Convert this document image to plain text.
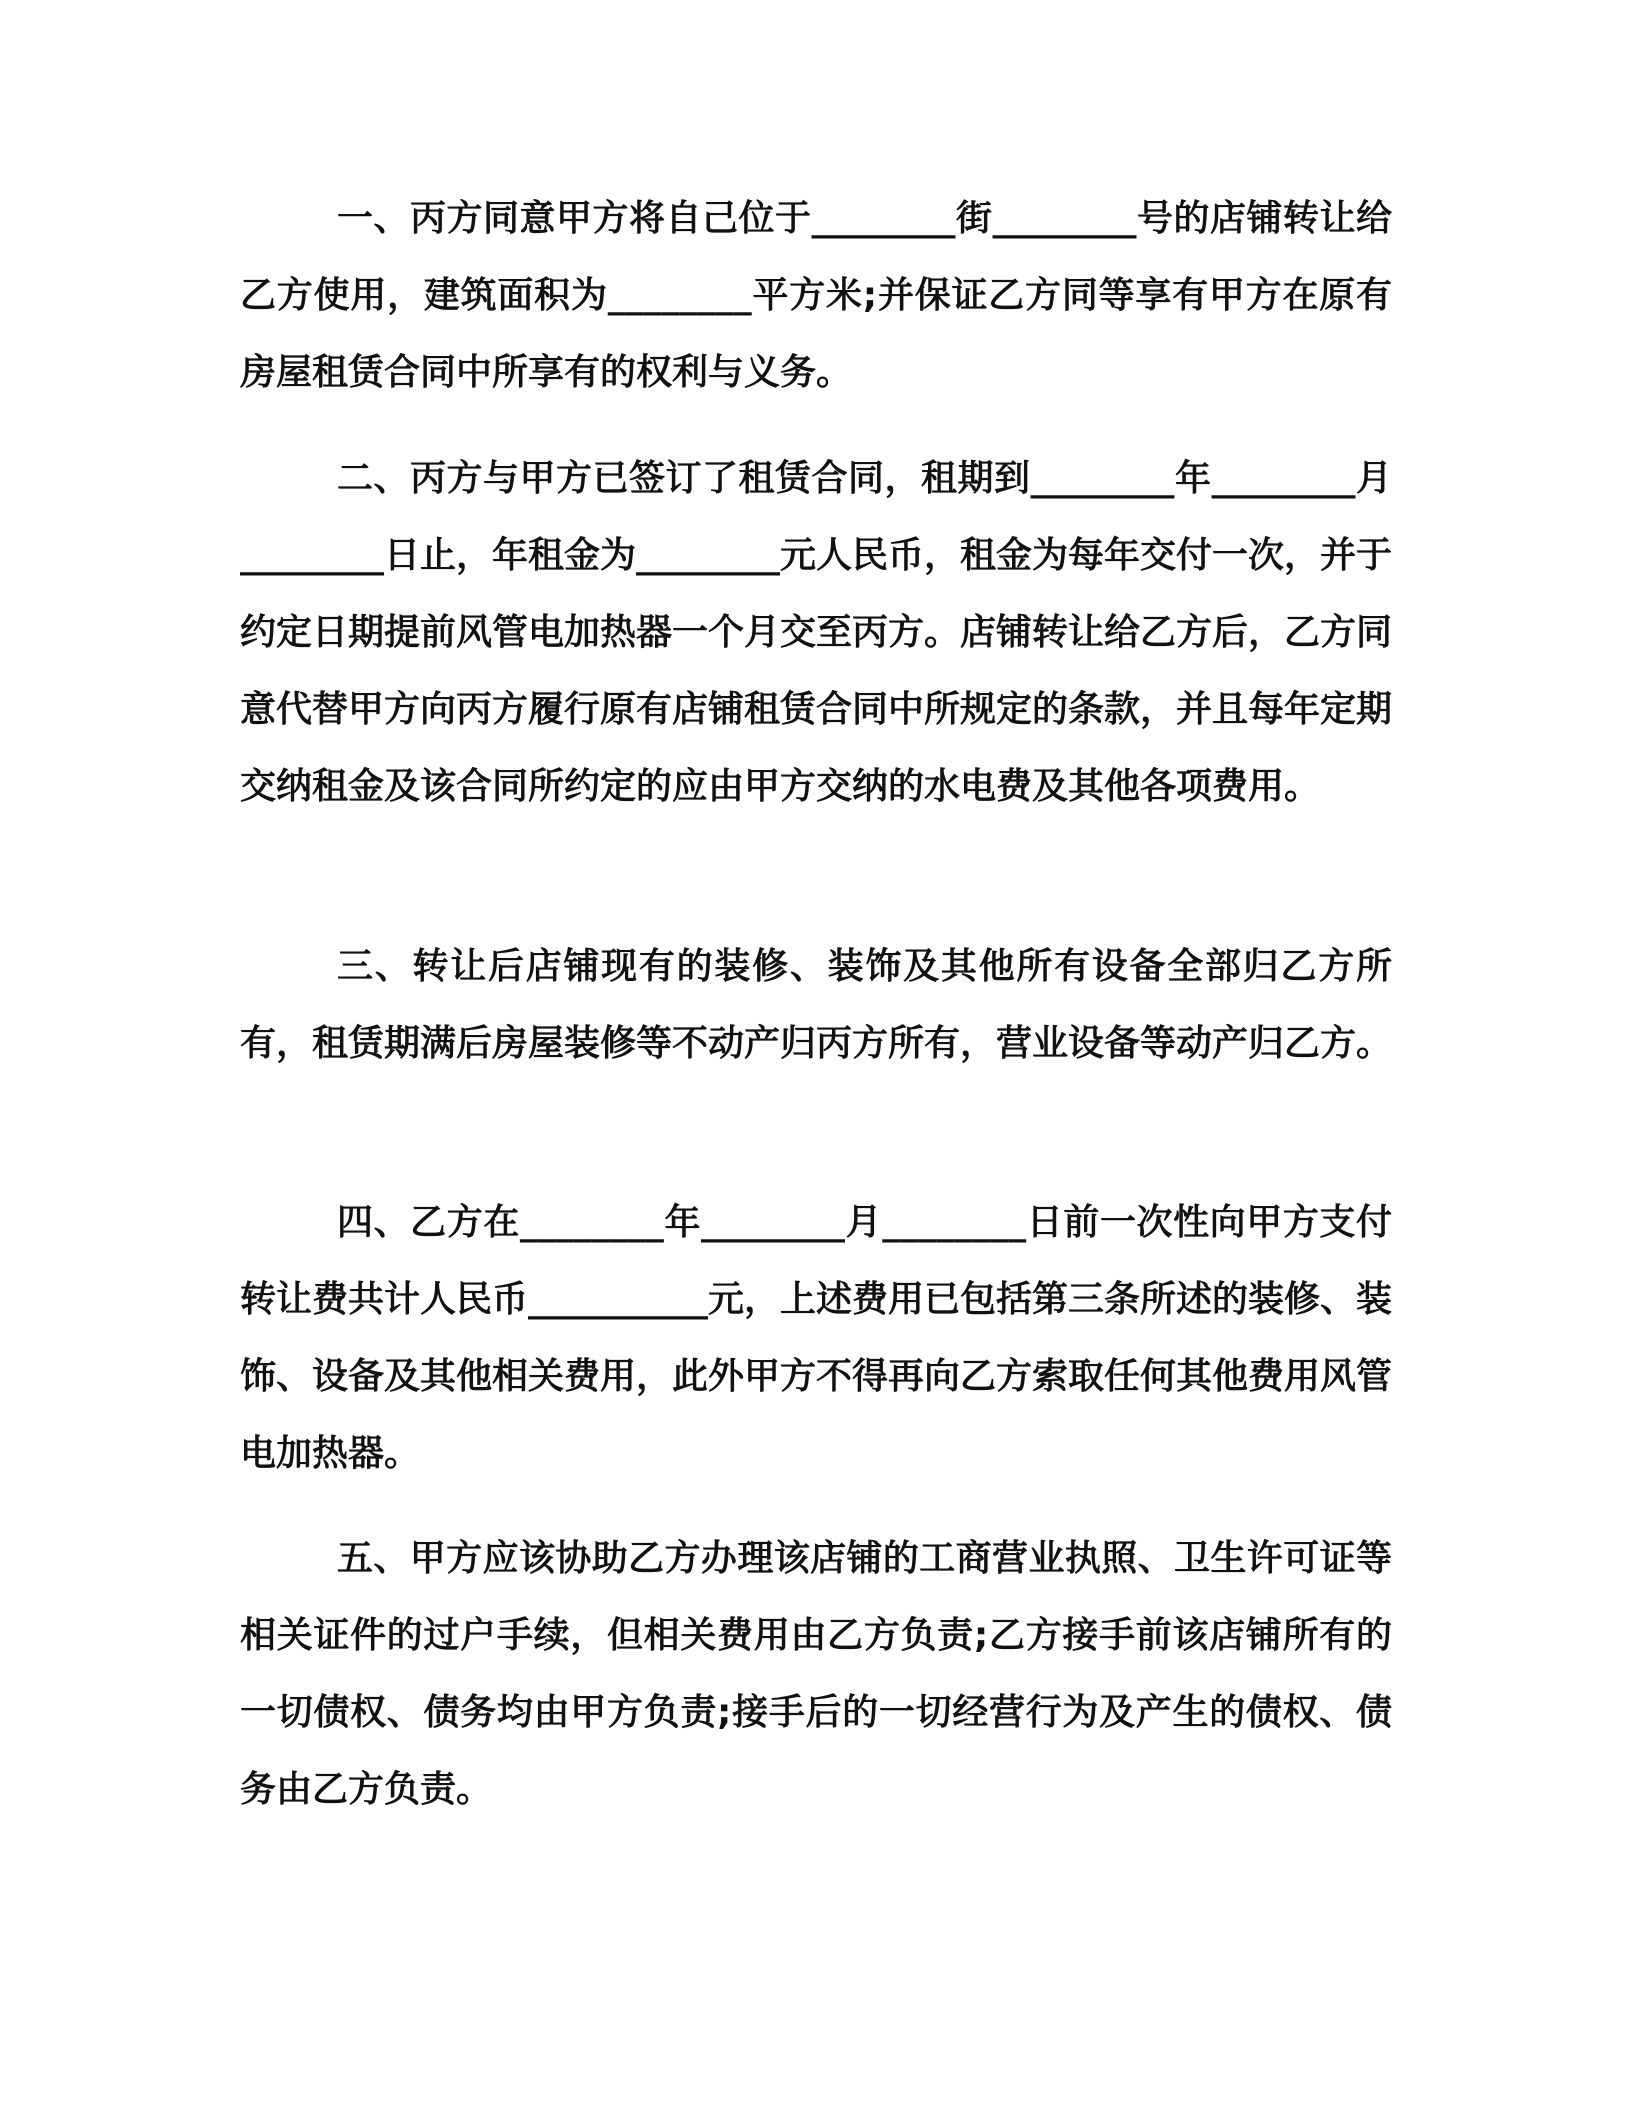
一、丙方同意甲方将自己位于________街________号的店铺转让给乙方使用，建筑面积为________平方米;并保证乙方同等享有甲方在原有房屋租赁合同中所享有的权利与义务。

二、丙方与甲方已签订了租赁合同，租期到________年________月________日止，年租金为________元人民币，租金为每年交付一次，并于约定日期提前风管电加热器一个月交至丙方。店铺转让给乙方后，乙方同意代替甲方向丙方履行原有店铺租赁合同中所规定的条款，并且每年定期交纳租金及该合同所约定的应由甲方交纳的水电费及其他各项费用。

三、转让后店铺现有的装修、装饰及其他所有设备全部归乙方所有，租赁期满后房屋装修等不动产归丙方所有，营业设备等动产归乙方。

四、乙方在________年________月________日前一次性向甲方支付转让费共计人民币__________元，上述费用已包括第三条所述的装修、装饰、设备及其他相关费用，此外甲方不得再向乙方索取任何其他费用风管电加热器。

五、甲方应该协助乙方办理该店铺的工商营业执照、卫生许可证等相关证件的过户手续，但相关费用由乙方负责;乙方接手前该店铺所有的一切债权、债务均由甲方负责;接手后的一切经营行为及产生的债权、债务由乙方负责。
